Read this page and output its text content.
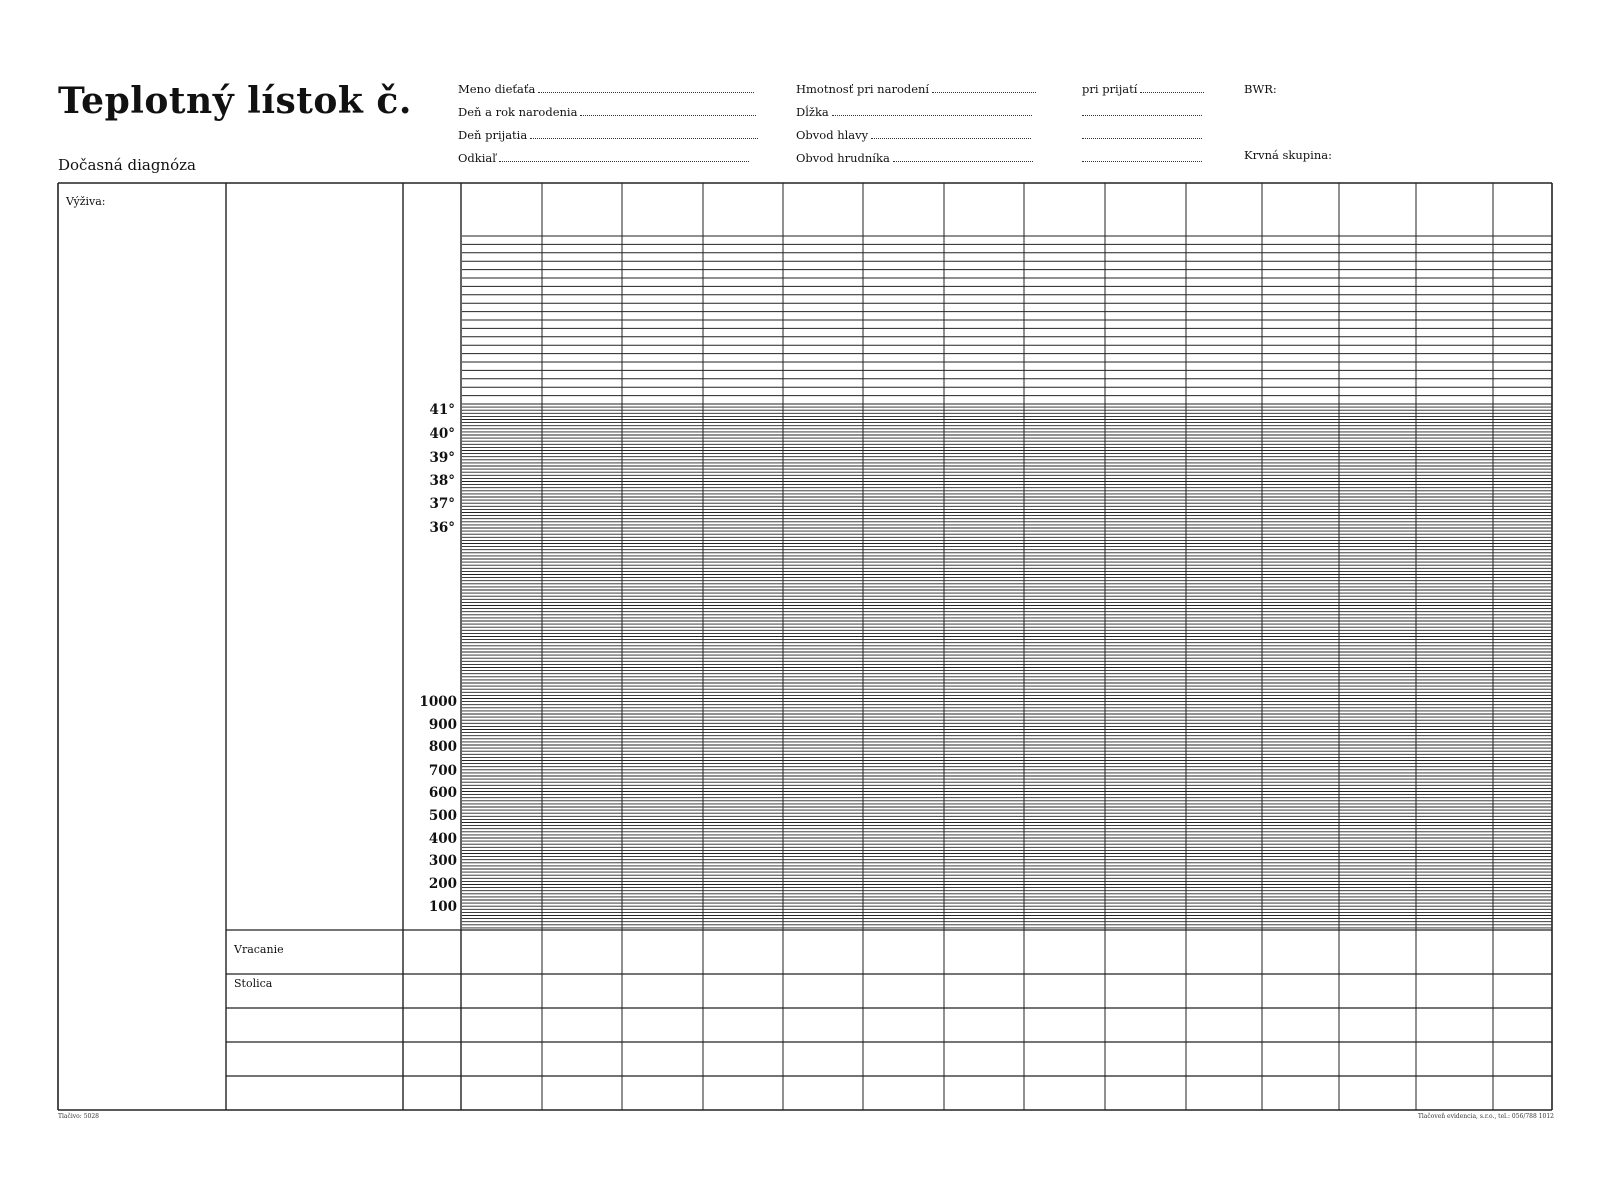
Teplotný lístok č.
Dočasná diagnóza
Meno dieťaťa
Deň a rok narodenia
Deň prijatia
Odkiaľ
Hmotnosť pri narodení
Dĺžka
Obvod hlavy
Obvod hrudníka
pri prijatí	BWR:
Krvná skupina:
Výživa:
Vracanie
Stolica
41°
40°
39°
38°
37°
36°
1000
900
800
700
600
500
400
300
200
100
Tlačivo: 5028	Tlačoveň evidencia, s.r.o., tel.: 056/788 1012
